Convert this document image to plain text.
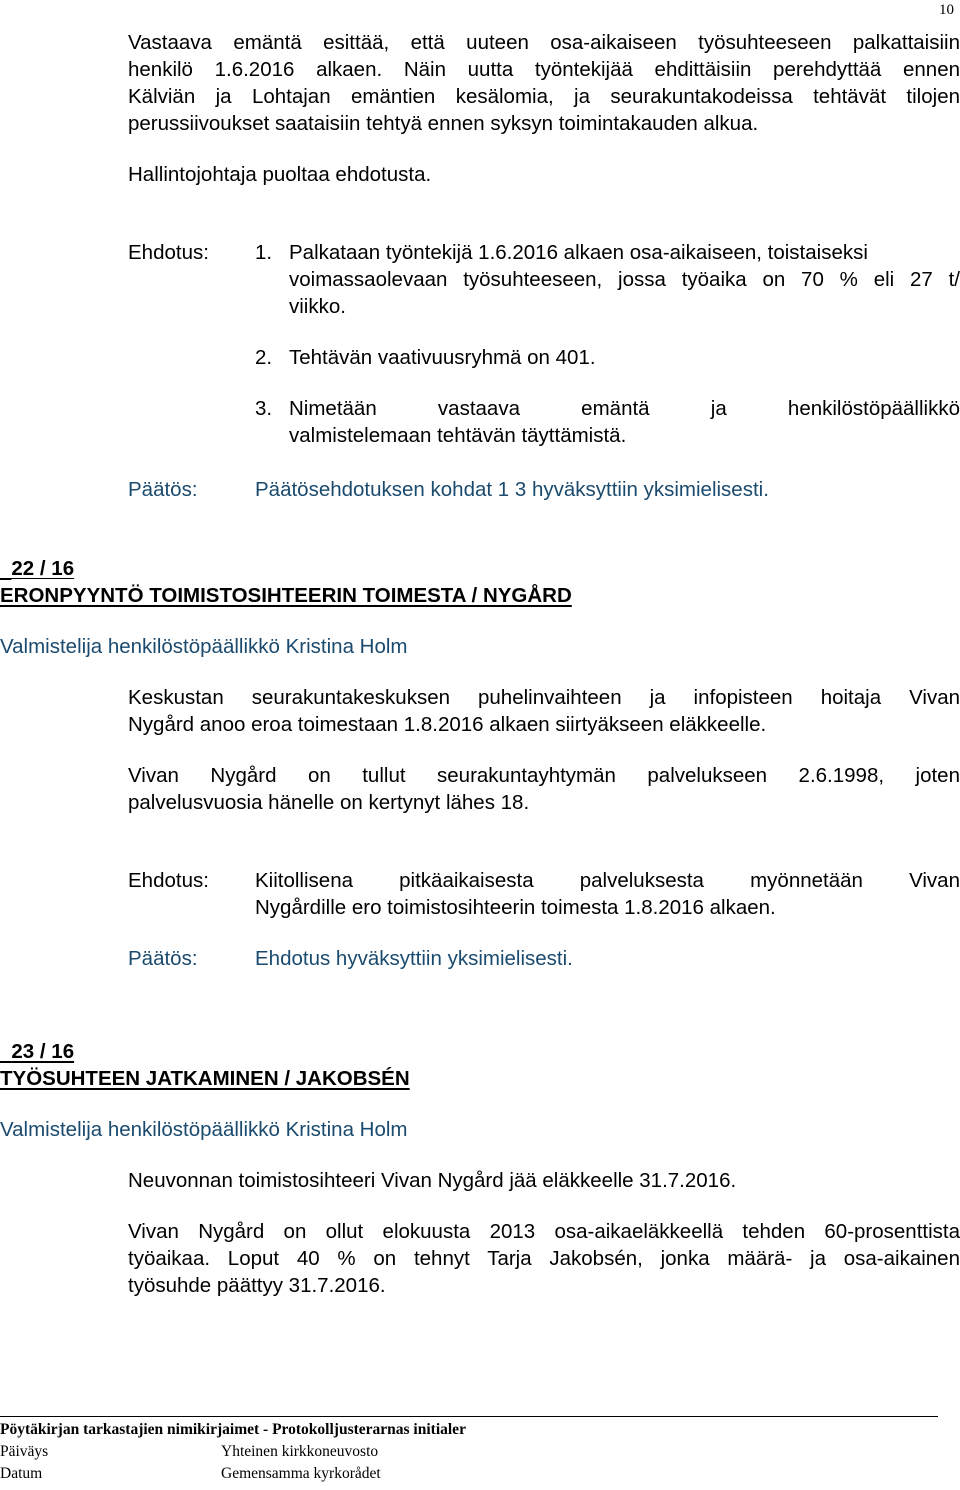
10
Vastaava emäntä esittää, että uuteen osa-aikaiseen työsuhteeseen palkattaisiin
henkilö 1.6.2016 alkaen. Näin uutta työntekijää ehdittäisiin perehdyttää ennen
Kälviän ja Lohtajan emäntien kesälomia, ja seurakuntakodeissa tehtävät tilojen
perussiivoukset saataisiin tehtyä ennen syksyn toimintakauden alkua.
Hallintojohtaja puoltaa ehdotusta.
Ehdotus: 1. Palkataan työntekijä 1.6.2016 alkaen osa-aikaiseen, toistaiseksi
voimassaolevaan työsuhteeseen, jossa työaika on 70 % eli 27 t/
viikko.
2. Tehtävän vaativuusryhmä on 401.
3. Nimetään vastaava emäntä ja henkilöstöpäällikkö
valmistelemaan tehtävän täyttämistä.
Päätös:	Päätösehdotuksen kohdat 1 3 hyväksyttiin yksimielisesti.
22 / 16
ERONPYYNTÖ TOIMISTOSIHTEERIN TOIMESTA / NYGÅRD
Valmistelija henkilöstöpäällikkö Kristina Holm
Keskustan seurakuntakeskuksen puhelinvaihteen ja infopisteen hoitaja Vivan
Nygård anoo eroa toimestaan 1.8.2016 alkaen siirtyäkseen eläkkeelle.
Vivan Nygård on tullut seurakuntayhtymän palvelukseen 2.6.1998, joten
palvelusvuosia hänelle on kertynyt lähes 18.
Ehdotus: Kiitollisena pitkäaikaisesta palveluksesta myönnetään Vivan
Nygårdille ero toimistosihteerin toimesta 1.8.2016 alkaen.
Päätös:	Ehdotus hyväksyttiin yksimielisesti.
23 / 16
TYÖSUHTEEN JATKAMINEN / JAKOBSÉN
Valmistelija henkilöstöpäällikkö Kristina Holm
Neuvonnan toimistosihteeri Vivan Nygård jää eläkkeelle 31.7.2016.
Vivan Nygård on ollut elokuusta 2013 osa-aikaeläkkeellä tehden 60-prosenttista
työaikaa. Loput 40 % on tehnyt Tarja Jakobsén, jonka määrä- ja osa-aikainen
työsuhde päättyy 31.7.2016.
Pöytäkirjan tarkastajien nimikirjaimet - Protokolljusterarnas initialer
Päiväys	Yhteinen kirkkoneuvosto
Datum	Gemensamma kyrkorådet
